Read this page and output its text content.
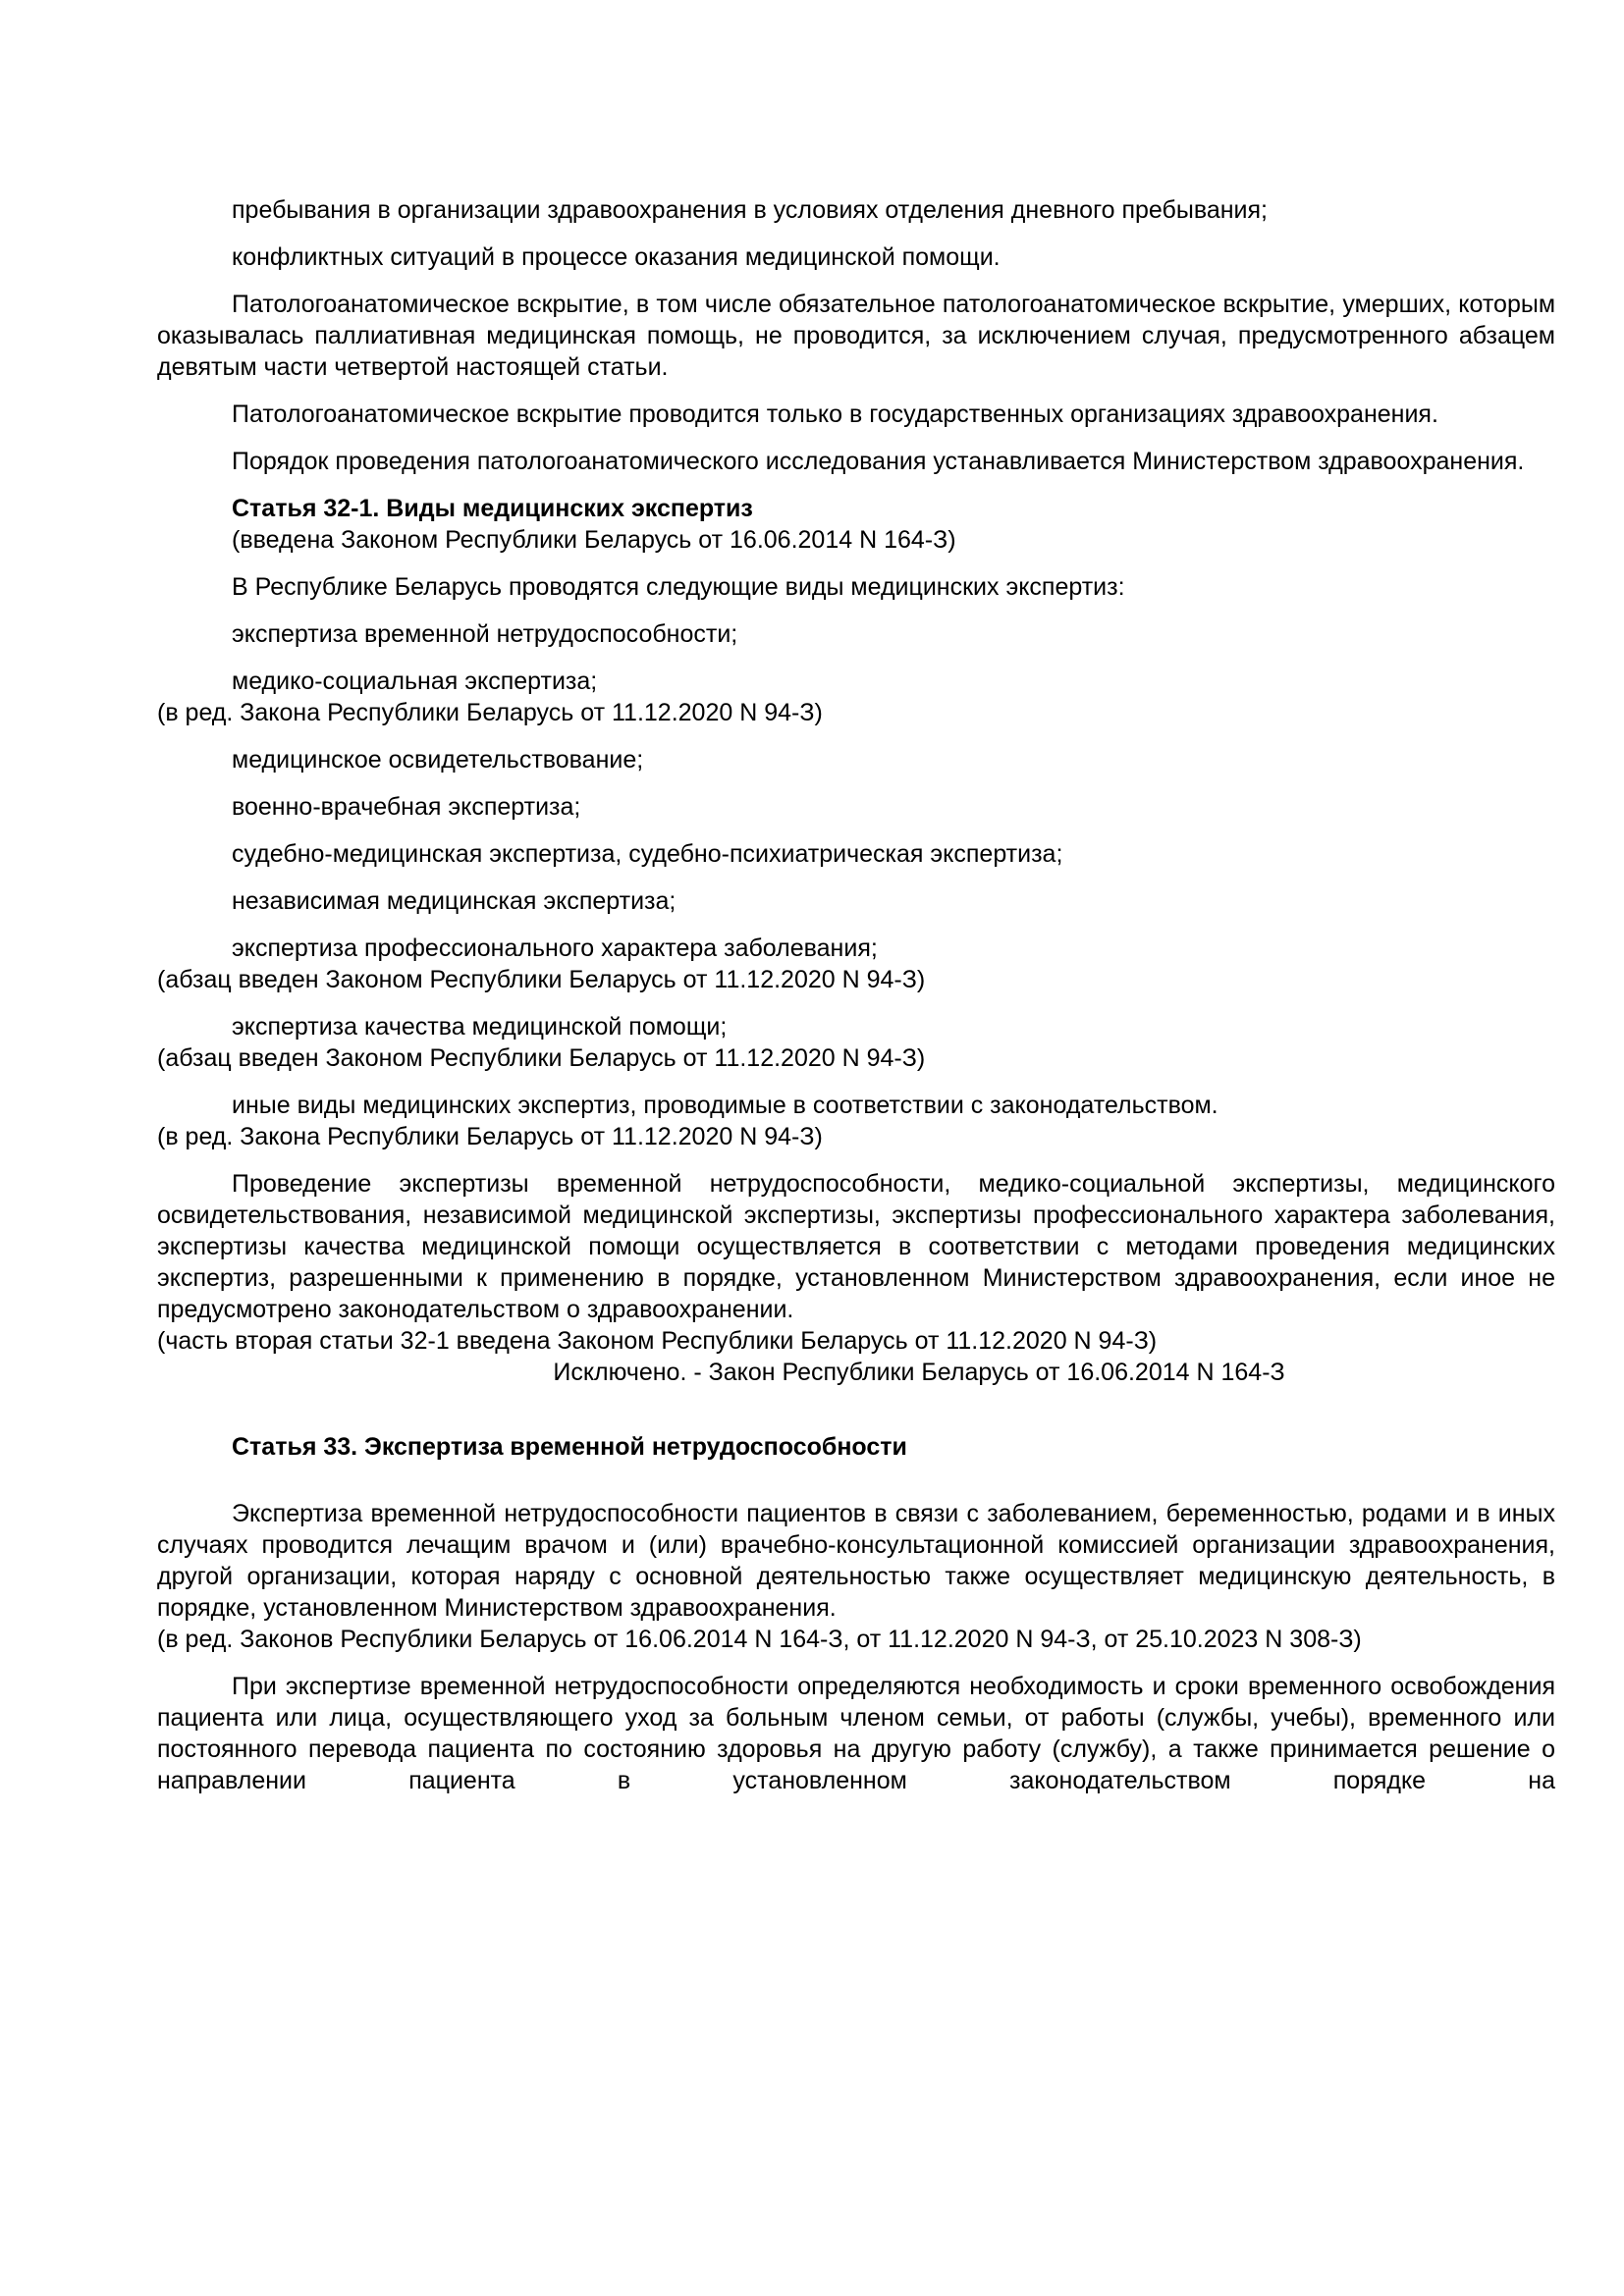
пребывания в организации здравоохранения в условиях отделения дневного пребывания;

конфликтных ситуаций в процессе оказания медицинской помощи.

Патологоанатомическое вскрытие, в том числе обязательное патологоанатомическое вскрытие, умерших, которым оказывалась паллиативная медицинская помощь, не проводится, за исключением случая, предусмотренного абзацем девятым части четвертой настоящей статьи.

Патологоанатомическое вскрытие проводится только в государственных организациях здравоохранения.

Порядок проведения патологоанатомического исследования устанавливается Министерством здравоохранения.

Статья 32-1. Виды медицинских экспертиз

(введена Законом Республики Беларусь от 16.06.2014 N 164-З)

В Республике Беларусь проводятся следующие виды медицинских экспертиз:

экспертиза временной нетрудоспособности;

медико-социальная экспертиза;

(в ред. Закона Республики Беларусь от 11.12.2020 N 94-З)

медицинское освидетельствование;

военно-врачебная экспертиза;

судебно-медицинская экспертиза, судебно-психиатрическая экспертиза;

независимая медицинская экспертиза;

экспертиза профессионального характера заболевания;

(абзац введен Законом Республики Беларусь от 11.12.2020 N 94-З)

экспертиза качества медицинской помощи;

(абзац введен Законом Республики Беларусь от 11.12.2020 N 94-З)

иные виды медицинских экспертиз, проводимые в соответствии с законодательством.

(в ред. Закона Республики Беларусь от 11.12.2020 N 94-З)

Проведение экспертизы временной нетрудоспособности, медико-социальной экспертизы, медицинского освидетельствования, независимой медицинской экспертизы, экспертизы профессионального характера заболевания, экспертизы качества медицинской помощи осуществляется в соответствии с методами проведения медицинских экспертиз, разрешенными к применению в порядке, установленном Министерством здравоохранения, если иное не предусмотрено законодательством о здравоохранении.

(часть вторая статьи 32-1 введена Законом Республики Беларусь от 11.12.2020 N 94-З)

Исключено. - Закон Республики Беларусь от 16.06.2014 N 164-З

Статья 33. Экспертиза временной нетрудоспособности

Экспертиза временной нетрудоспособности пациентов в связи с заболеванием, беременностью, родами и в иных случаях проводится лечащим врачом и (или) врачебно-консультационной комиссией организации здравоохранения, другой организации, которая наряду с основной деятельностью также осуществляет медицинскую деятельность, в порядке, установленном Министерством здравоохранения.

(в ред. Законов Республики Беларусь от 16.06.2014 N 164-З, от 11.12.2020 N 94-З, от 25.10.2023 N 308-З)

При экспертизе временной нетрудоспособности определяются необходимость и сроки временного освобождения пациента или лица, осуществляющего уход за больным членом семьи, от работы (службы, учебы), временного или постоянного перевода пациента по состоянию здоровья на другую работу (службу), а также принимается решение о направлении пациента в установленном законодательством порядке на
